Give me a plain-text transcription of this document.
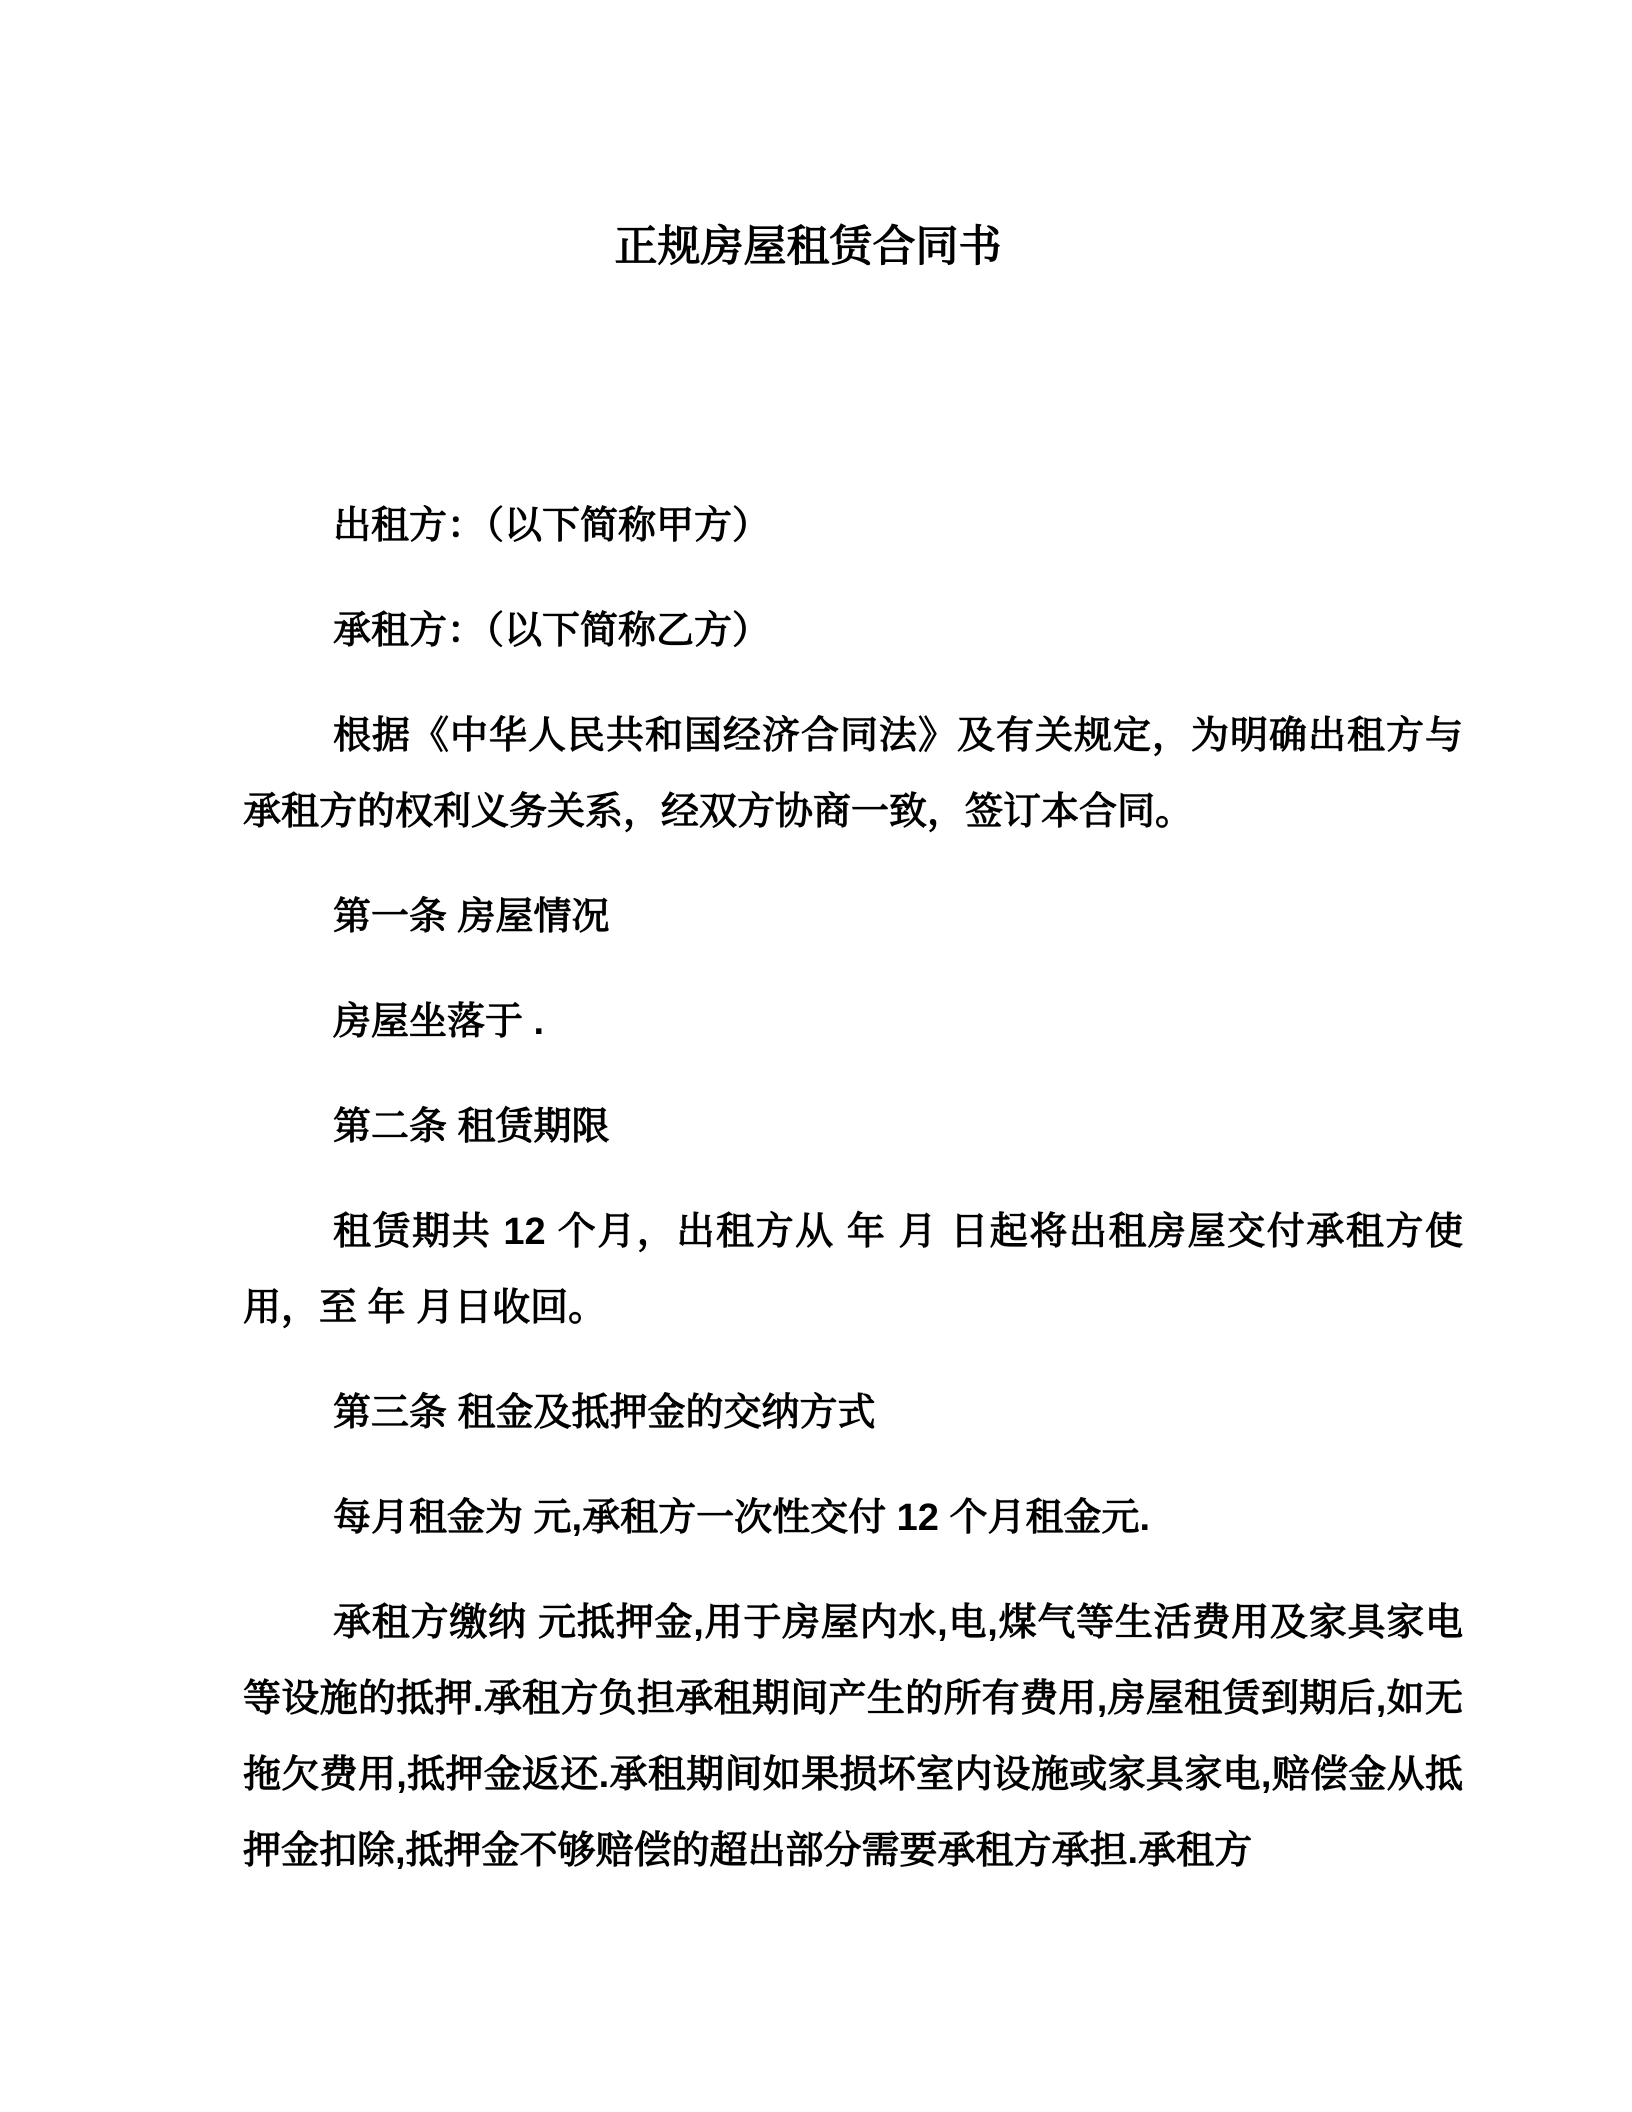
正规房屋租赁合同书

出租方：（以下简称甲方）

承租方：（以下简称乙方）

根据《中华人民共和国经济合同法》及有关规定，为明确出租方与承租方的权利义务关系，经双方协商一致，签订本合同。

第一条 房屋情况

房屋坐落于 .

第二条 租赁期限

租赁期共 12 个月，出租方从 年 月 日起将出租房屋交付承租方使用，至 年 月日收回。

第三条 租金及抵押金的交纳方式

每月租金为 元,承租方一次性交付 12 个月租金元.

承租方缴纳 元抵押金,用于房屋内水,电,煤气等生活费用及家具家电等设施的抵押.承租方负担承租期间产生的所有费用,房屋租赁到期后,如无拖欠费用,抵押金返还.承租期间如果损坏室内设施或家具家电,赔偿金从抵押金扣除,抵押金不够赔偿的超出部分需要承租方承担.承租方
